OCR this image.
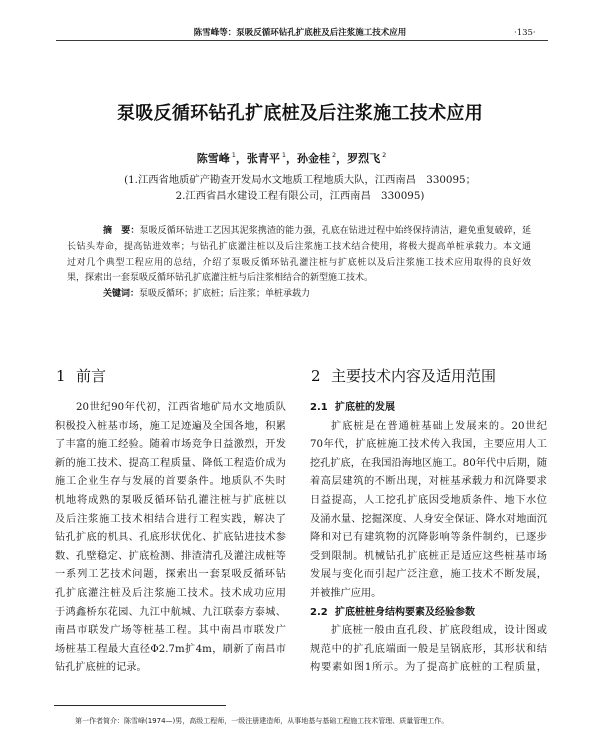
陈雪峰等：泵吸反循环钻孔扩底桩及后注浆施工技术应用	·135·
泵吸反循环钻孔扩底桩及后注浆施工技术应用
陈雪峰 $^1$，张青平 $^1$，孙金桂 $^2$，罗烈飞 $^2$
(1.江西省地质矿产勘查开发局水文地质工程地质大队，江西南昌　330095；
2.江西省昌水建设工程有限公司，江西南昌　330095)
摘　要：泵吸反循环钻进工艺因其泥浆携渣的能力强，孔底在钻进过程中始终保持清洁，避免重复破碎，延
长钻头寿命，提高钻进效率；与钻孔扩底灌注桩以及后注浆施工技术结合使用，将极大提高单桩承载力。本文通
过对几个典型工程应用的总结，介绍了泵吸反循环钻孔灌注桩与扩底桩以及后注浆施工技术应用取得的良好效
果，探索出一套泵吸反循环钻孔扩底灌注桩与后注浆相结合的新型施工技术。
关键词：泵吸反循环；扩底桩；后注浆；单桩承载力
1 前言	2 主要技术内容及适用范围
20世纪90年代初，江西省地矿局水文地质队
积极投入桩基市场，施工足迹遍及全国各地，积累
了丰富的施工经验。随着市场竞争日益激烈，开发
新的施工技术、提高工程质量、降低工程造价成为
施工企业生存与发展的首要条件。地质队不失时
机地将成熟的泵吸反循环钻孔灌注桩与扩底桩以
及后注浆施工技术相结合进行工程实践，解决了
钻孔扩底的机具、孔底形状优化、扩底钻进技术参
数、孔壁稳定、扩底检测、排渣清孔及灌注成桩等
一系列工艺技术问题，探索出一套泵吸反循环钻
孔扩底灌注桩及后注浆施工技术。技术成功应用
于鸿鑫桥东花园、九江中航城、九江联泰方泰城、
南昌市联发广场等桩基工程。其中南昌市联发广
场桩基工程最大直径Φ2.7m扩4m，刷新了南昌市
钻孔扩底桩的记录。
2.1 扩底桩的发展
扩底桩是在普通桩基础上发展来的。20世纪
70年代，扩底桩施工技术传入我国，主要应用人工
挖孔扩底，在我国沿海地区施工。80年代中后期，随
着高层建筑的不断出现，对桩基承载力和沉降要求
日益提高，人工挖孔扩底因受地质条件、地下水位
及涌水量、挖掘深度、人身安全保证、降水对地面沉
降和对已有建筑物的沉降影响等条件制约，已逐步
受到限制。机械钻孔扩底桩正是适应这些桩基市场
发展与变化而引起广泛注意，施工技术不断发展，
并被推广应用。
2.2 扩底桩桩身结构要素及经验参数
扩底桩一般由直孔段、扩底段组成，设计图或
规范中的扩孔底端面一般是呈锅底形，其形状和结
构要素如图1所示。为了提高扩底桩的工程质量，
第一作者简介：陈雪峰(1974—)男，高级工程师，一级注册建造师，从事地基与基础工程施工技术管理、质量管理工作。
